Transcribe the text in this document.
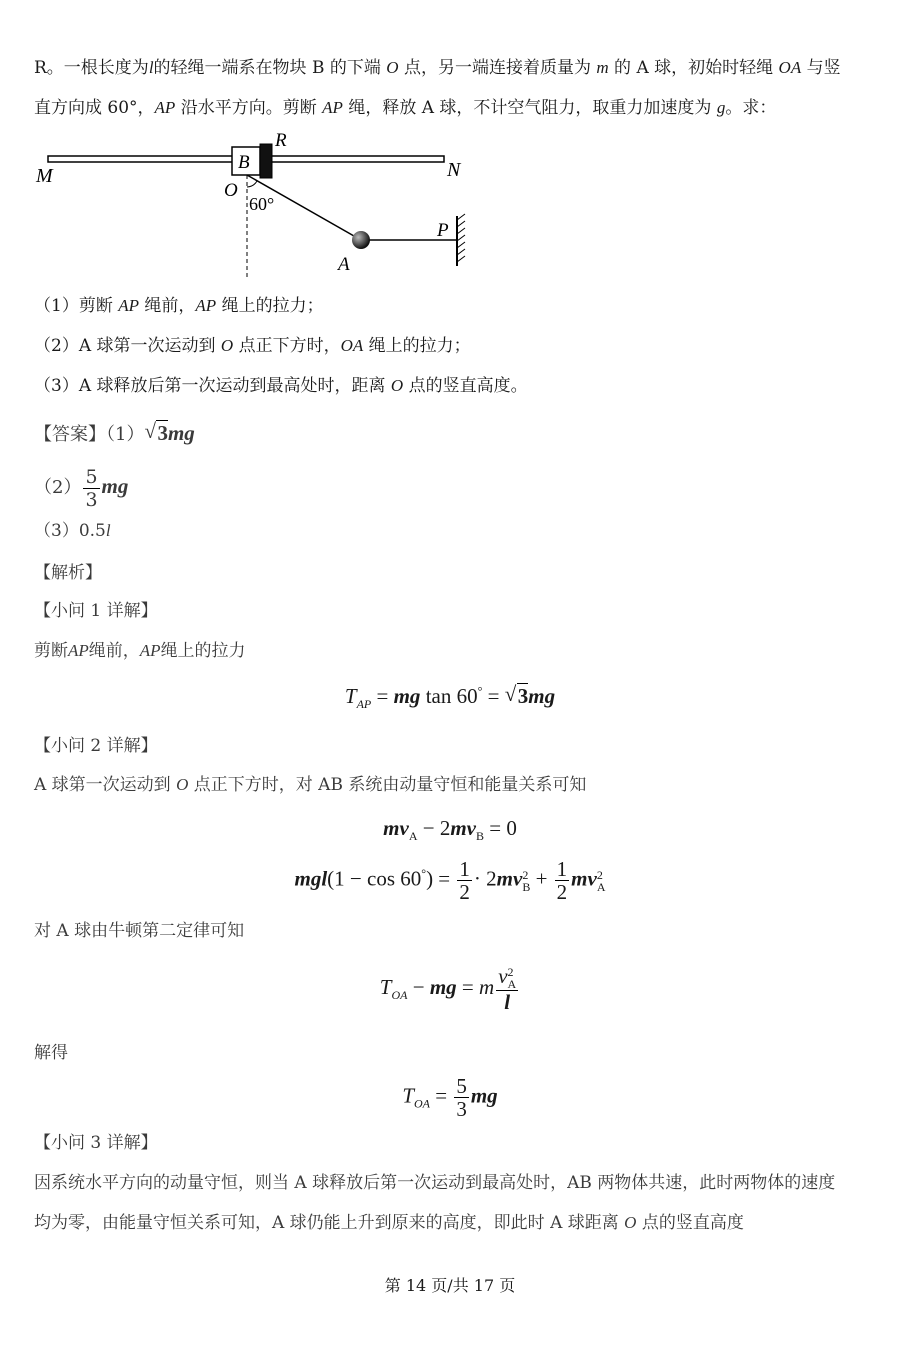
R。一根长度为l的轻绳一端系在物块 B 的下端 O 点，另一端连接着质量为 m 的 A 球，初始时轻绳 OA 与竖
直方向成 60°，AP 沿水平方向。剪断 AP 绳，释放 A 球，不计空气阻力，取重力加速度为 g。求：
M	N
B
R
O
60°
A
P
（1）剪断 AP 绳前，AP 绳上的拉力；
（2）A 球第一次运动到 O 点正下方时，OA 绳上的拉力；
（3）A 球释放后第一次运动到最高处时，距离 O 点的竖直高度。
【答案】（1）√ 3mg
$(2) \frac{5}{3}$ mg
（3）0.5l
【解析】
【小问 1 详解】
剪断AP绳前，AP绳上的拉力
$T_{AP}$ = mg tan 60° = √ 3mg
【小问 2 详解】
A 球第一次运动到 O 点正下方时，对 AB 系统由动量守恒和能量关系可知
$mv_A - 2mv_B = 0$
$mgl(1 - \cos 60^\circ) = \frac{1}{2} \cdot 2mv$ 2
$B + \frac{1}{2}$ mv 2
A
对 A 球由牛顿第二定律可知
$T_{OA}$ − mg = m v 2
A
l
解得
$T_{OA} = \frac{5}{3}$ mg
【小问 3 详解】
因系统水平方向的动量守恒，则当 A 球释放后第一次运动到最高处时，AB 两物体共速，此时两物体的速度
均为零，由能量守恒关系可知，A 球仍能上升到原来的高度，即此时 A 球距离 O 点的竖直高度
第 14 页/共 17 页
